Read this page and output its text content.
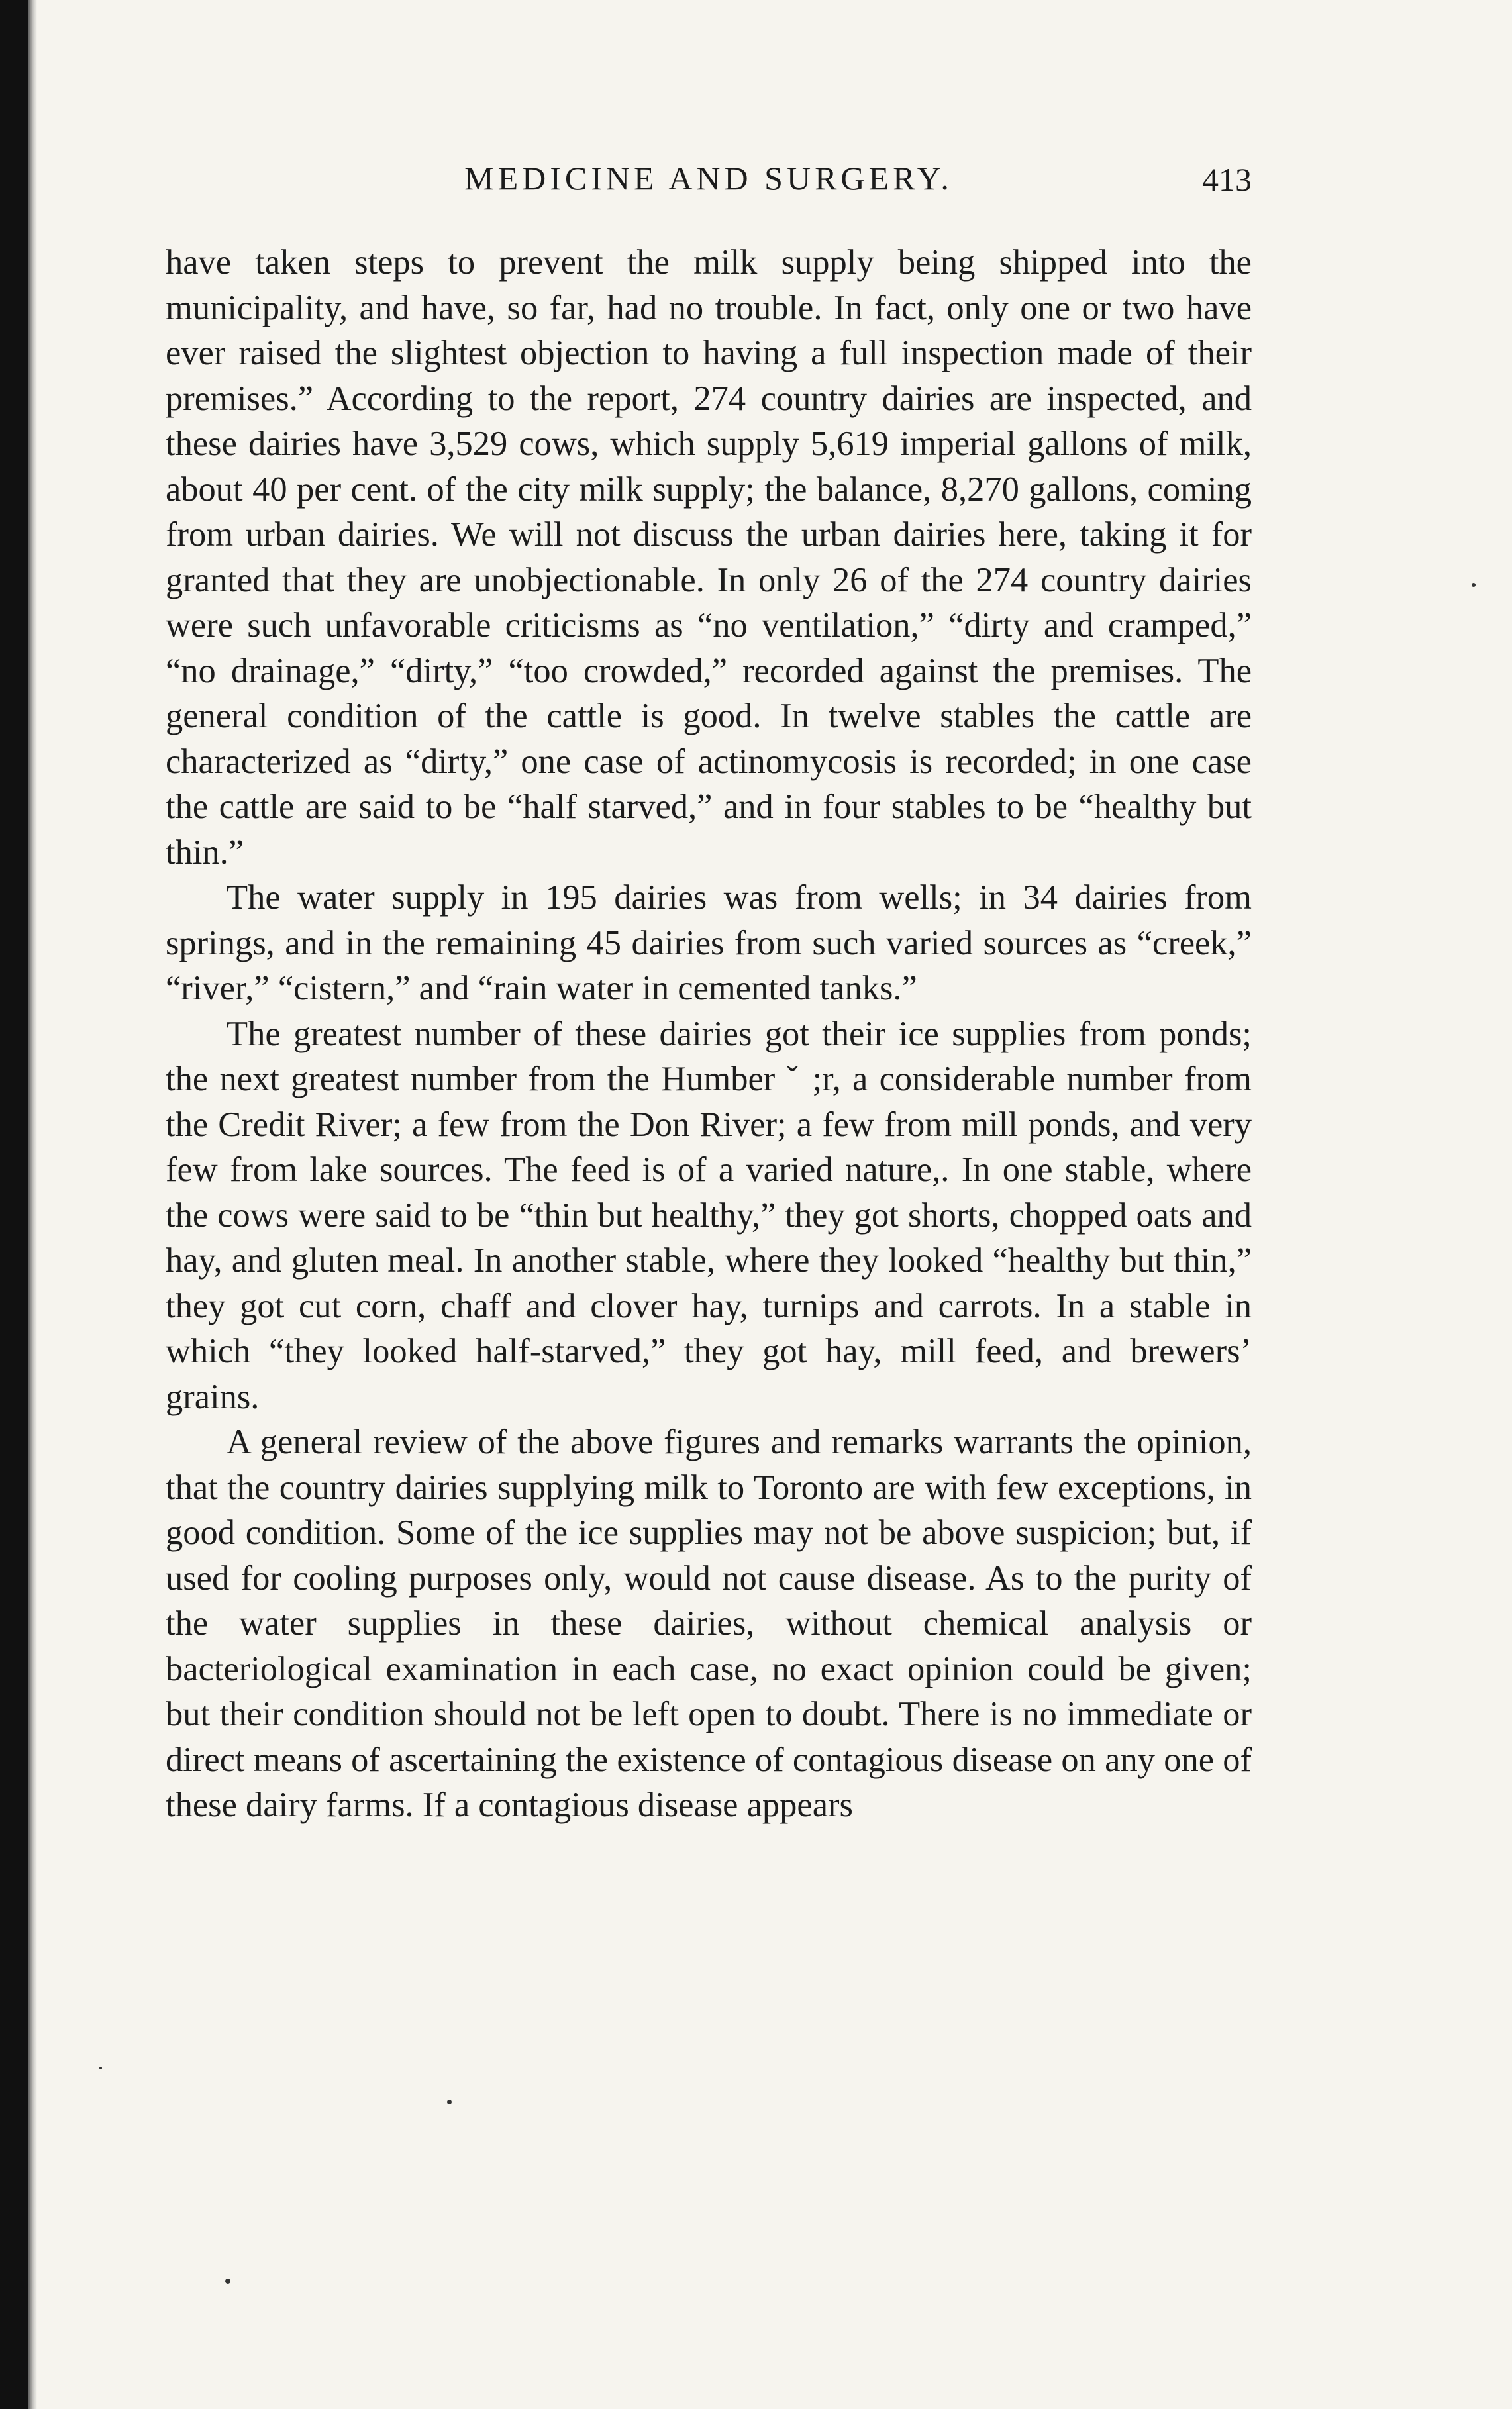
MEDICINE AND SURGERY.	413

have taken steps to prevent the milk supply being shipped into the municipality, and have, so far, had no trouble. In fact, only one or two have ever raised the slightest objection to having a full inspection made of their premises.” According to the report, 274 country dairies are inspected, and these dairies have 3,529 cows, which supply 5,619 imperial gallons of milk, about 40 per cent. of the city milk supply; the balance, 8,270 gallons, coming from urban dairies. We will not discuss the urban dairies here, taking it for granted that they are unobjectionable. In only 26 of the 274 country dairies were such unfavorable criticisms as “no ventilation,” “dirty and cramped,” “no drainage,” “dirty,” “too crowded,” recorded against the premises. The general condition of the cattle is good. In twelve stables the cattle are characterized as “dirty,” one case of actinomycosis is recorded; in one case the cattle are said to be “half starved,” and in four stables to be “healthy but thin.”

The water supply in 195 dairies was from wells; in 34 dairies from springs, and in the remaining 45 dairies from such varied sources as “creek,” “river,” “cistern,” and “rain water in cemented tanks.”

The greatest number of these dairies got their ice supplies from ponds; the next greatest number from the Humber ˇ ;r, a considerable number from the Credit River; a few from the Don River; a few from mill ponds, and very few from lake sources. The feed is of a varied nature,. In one stable, where the cows were said to be “thin but healthy,” they got shorts, chopped oats and hay, and gluten meal. In another stable, where they looked “healthy but thin,” they got cut corn, chaff and clover hay, turnips and carrots. In a stable in which “they looked half-starved,” they got hay, mill feed, and brewers’ grains.

A general review of the above figures and remarks warrants the opinion, that the country dairies supplying milk to Toronto are with few exceptions, in good condition. Some of the ice supplies may not be above suspicion; but, if used for cooling purposes only, would not cause disease. As to the purity of the water supplies in these dairies, without chemical analysis or bacteriological examination in each case, no exact opinion could be given; but their condition should not be left open to doubt. There is no immediate or direct means of ascertaining the existence of contagious disease on any one of these dairy farms. If a contagious disease appears
